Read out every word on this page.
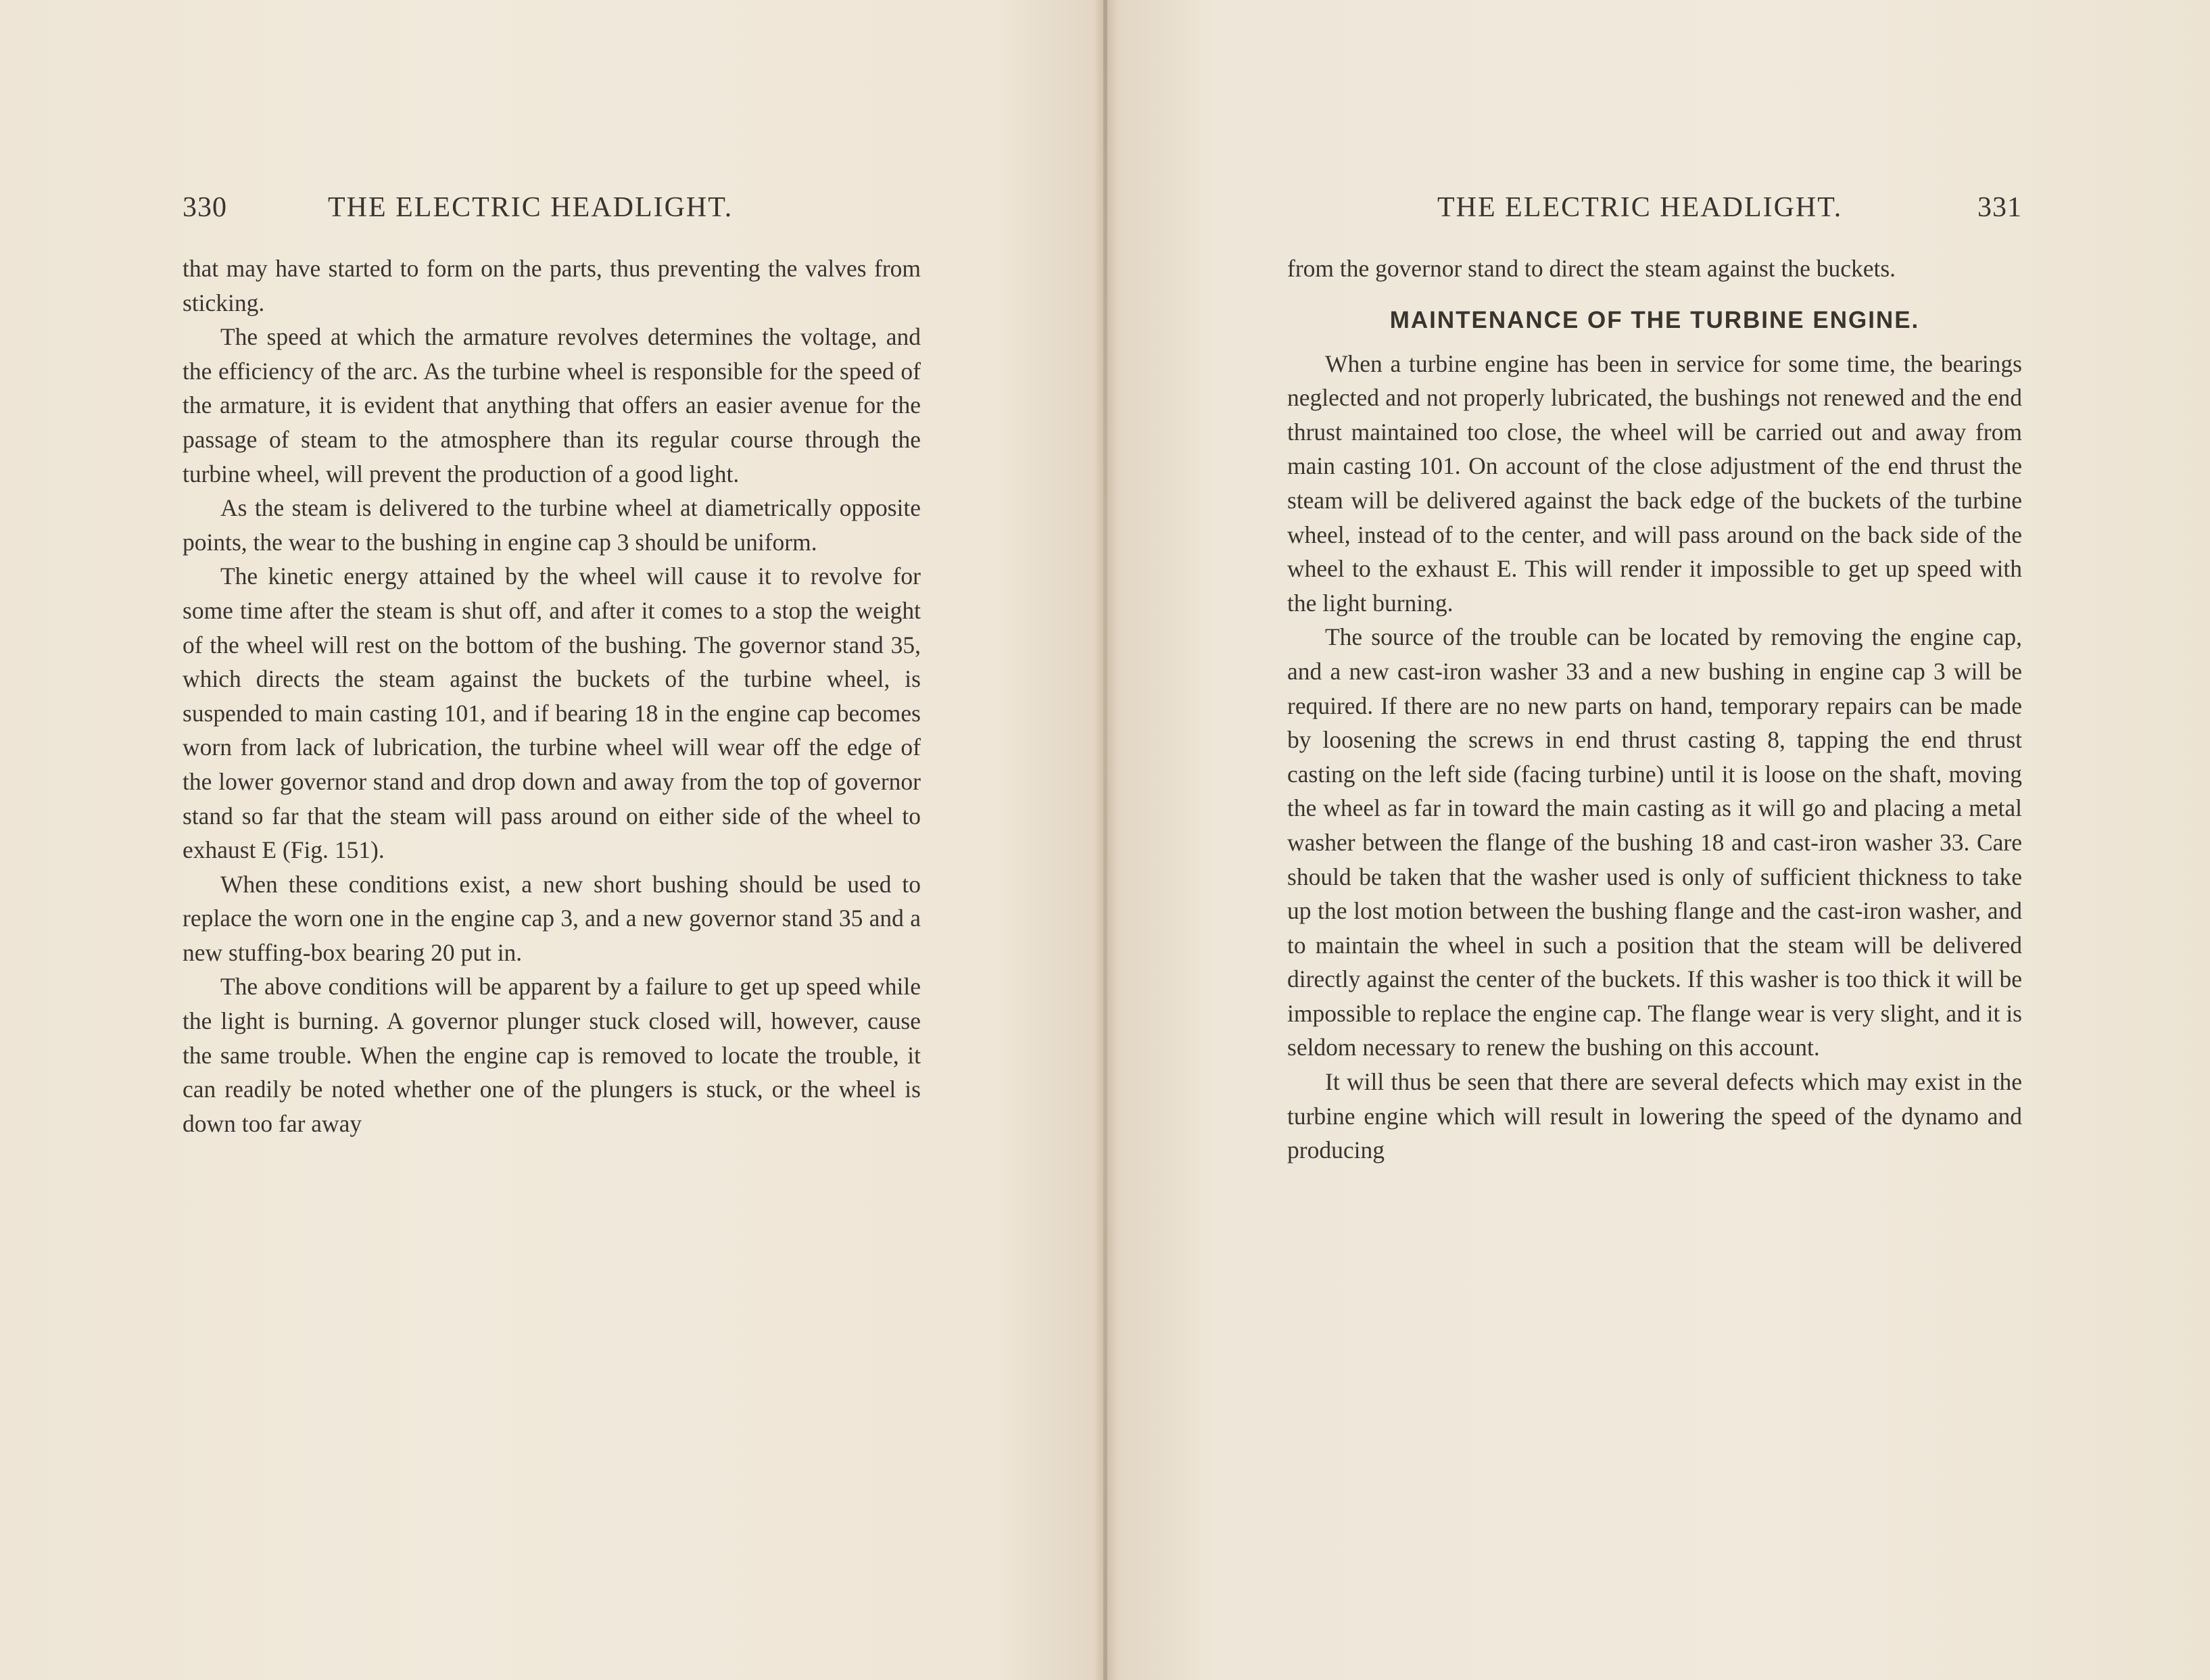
330	THE ELECTRIC HEADLIGHT.

that may have started to form on the parts, thus preventing the valves from sticking.

The speed at which the armature revolves determines the voltage, and the efficiency of the arc. As the turbine wheel is responsible for the speed of the armature, it is evident that anything that offers an easier avenue for the passage of steam to the atmosphere than its regular course through the turbine wheel, will prevent the production of a good light.

As the steam is delivered to the turbine wheel at diametrically opposite points, the wear to the bushing in engine cap 3 should be uniform.

The kinetic energy attained by the wheel will cause it to revolve for some time after the steam is shut off, and after it comes to a stop the weight of the wheel will rest on the bottom of the bushing. The governor stand 35, which directs the steam against the buckets of the turbine wheel, is suspended to main casting 101, and if bearing 18 in the engine cap becomes worn from lack of lubrication, the turbine wheel will wear off the edge of the lower governor stand and drop down and away from the top of governor stand so far that the steam will pass around on either side of the wheel to exhaust E (Fig. 151).

When these conditions exist, a new short bushing should be used to replace the worn one in the engine cap 3, and a new governor stand 35 and a new stuffing-box bearing 20 put in.

The above conditions will be apparent by a failure to get up speed while the light is burning. A governor plunger stuck closed will, however, cause the same trouble. When the engine cap is removed to locate the trouble, it can readily be noted whether one of the plungers is stuck, or the wheel is down too far away

THE ELECTRIC HEADLIGHT.	331

from the governor stand to direct the steam against the buckets.

MAINTENANCE OF THE TURBINE ENGINE.

When a turbine engine has been in service for some time, the bearings neglected and not properly lubricated, the bushings not renewed and the end thrust maintained too close, the wheel will be carried out and away from main casting 101. On account of the close adjustment of the end thrust the steam will be delivered against the back edge of the buckets of the turbine wheel, instead of to the center, and will pass around on the back side of the wheel to the exhaust E. This will render it impossible to get up speed with the light burning.

The source of the trouble can be located by removing the engine cap, and a new cast-iron washer 33 and a new bushing in engine cap 3 will be required. If there are no new parts on hand, temporary repairs can be made by loosening the screws in end thrust casting 8, tapping the end thrust casting on the left side (facing turbine) until it is loose on the shaft, moving the wheel as far in toward the main casting as it will go and placing a metal washer between the flange of the bushing 18 and cast-iron washer 33. Care should be taken that the washer used is only of sufficient thickness to take up the lost motion between the bushing flange and the cast-iron washer, and to maintain the wheel in such a position that the steam will be delivered directly against the center of the buckets. If this washer is too thick it will be impossible to replace the engine cap. The flange wear is very slight, and it is seldom necessary to renew the bushing on this account.

It will thus be seen that there are several defects which may exist in the turbine engine which will result in lowering the speed of the dynamo and producing
